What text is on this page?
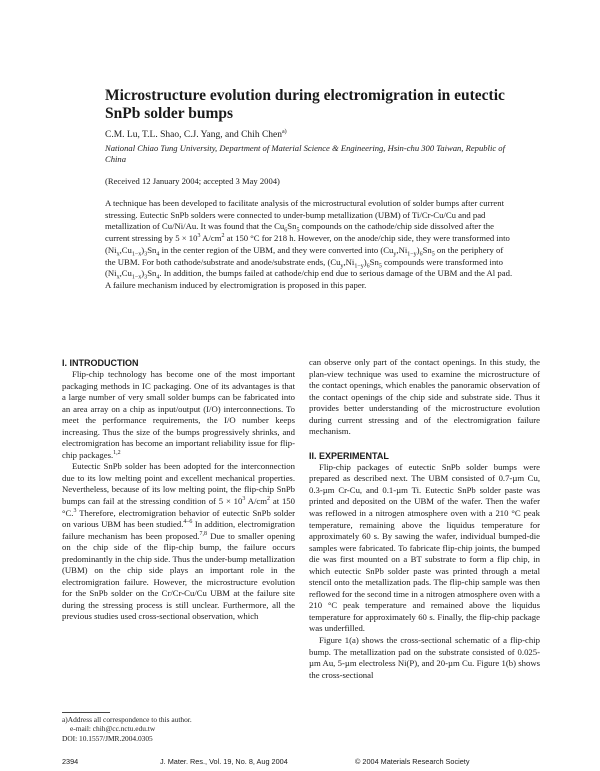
Microstructure evolution during electromigration in eutectic SnPb solder bumps
C.M. Lu, T.L. Shao, C.J. Yang, and Chih Chen$^{a)}$
National Chiao Tung University, Department of Material Science & Engineering, Hsin-chu 300 Taiwan, Republic of China
(Received 12 January 2004; accepted 3 May 2004)
A technique has been developed to facilitate analysis of the microstructural evolution of solder bumps after current stressing. Eutectic SnPb solders were connected to under-bump metallization (UBM) of Ti/Cr-Cu/Cu and pad metallization of Cu/Ni/Au. It was found that the $Cu_6Sn_5$ compounds on the cathode/chip side dissolved after the current stressing by $5 \times 10^3$ $A/cm^2$ at 150 °C for 218 h. However, on the anode/chip side, they were transformed into $(Ni_x,Cu_{1-x})_3Sn_4$ in the center region of the UBM, and they were converted into $(Cu_y,Ni_{1-y})_6Sn_5$ on the periphery of the UBM. For both cathode/substrate and anode/substrate ends, $(Cu_y,Ni_{1-y})_6Sn_5$ compounds were transformed into $(Ni_x,Cu_{1-x})_3Sn_4$. In addition, the bumps failed at cathode/chip end due to serious damage of the UBM and the Al pad. A failure mechanism induced by electromigration is proposed in this paper.
I. INTRODUCTION

Flip-chip technology has become one of the most important packaging methods in IC packaging. One of its advantages is that a large number of very small solder bumps can be fabricated into an area array on a chip as input/output (I/O) interconnections. To meet the performance requirements, the I/O number keeps increasing. Thus the size of the bumps progressively shrinks, and electromigration has become an important reliability issue for flip-chip packages.$^{1,2}$

Eutectic SnPb solder has been adopted for the interconnection due to its low melting point and excellent mechanical properties. Nevertheless, because of its low melting point, the flip-chip SnPb bumps can fail at the stressing condition of $5 \times 10^3$ $A/cm^2$ at 150 °C.$^3$ Therefore, electromigration behavior of eutectic SnPb solder on various UBM has been studied.$^{4-6}$ In addition, electromigration failure mechanism has been proposed.$^{7,8}$ Due to smaller opening on the chip side of the flip-chip bump, the failure occurs predominantly in the chip side. Thus the under-bump metallization (UBM) on the chip side plays an important role in the electromigration failure. However, the microstructure evolution for the SnPb solder on the Cr/Cr-Cu/Cu UBM at the failure site during the stressing process is still unclear. Furthermore, all the previous studies used cross-sectional observation, which

can observe only part of the contact openings. In this study, the plan-view technique was used to examine the microstructure of the contact openings, which enables the panoramic observation of the contact openings of the chip side and substrate side. Thus it provides better understanding of the microstructure evolution during current stressing and of the electromigration failure mechanism.

II. EXPERIMENTAL

Flip-chip packages of eutectic SnPb solder bumps were prepared as described next. The UBM consisted of 0.7-µm Cu, 0.3-µm Cr-Cu, and 0.1-µm Ti. Eutectic SnPb solder paste was printed and deposited on the UBM of the wafer. Then the wafer was reflowed in a nitrogen atmosphere oven with a 210 °C peak temperature, remaining above the liquidus temperature for approximately 60 s. By sawing the wafer, individual bumped-die samples were fabricated. To fabricate flip-chip joints, the bumped die was first mounted on a BT substrate to form a flip chip, in which eutectic SnPb solder paste was printed through a metal stencil onto the metallization pads. The flip-chip sample was then reflowed for the second time in a nitrogen atmosphere oven with a 210 °C peak temperature and remained above the liquidus temperature for approximately 60 s. Finally, the flip-chip package was underfilled.

Figure 1(a) shows the cross-sectional schematic of a flip-chip bump. The metallization pad on the substrate consisted of 0.025-µm Au, 5-µm electroless Ni(P), and 20-µm Cu. Figure 1(b) shows the cross-sectional

a)Address all correspondence to this author.
e-mail: chih@cc.nctu.edu.tw
DOI: 10.1557/JMR.2004.0305
2394	J. Mater. Res., Vol. 19, No. 8, Aug 2004	© 2004 Materials Research Society
